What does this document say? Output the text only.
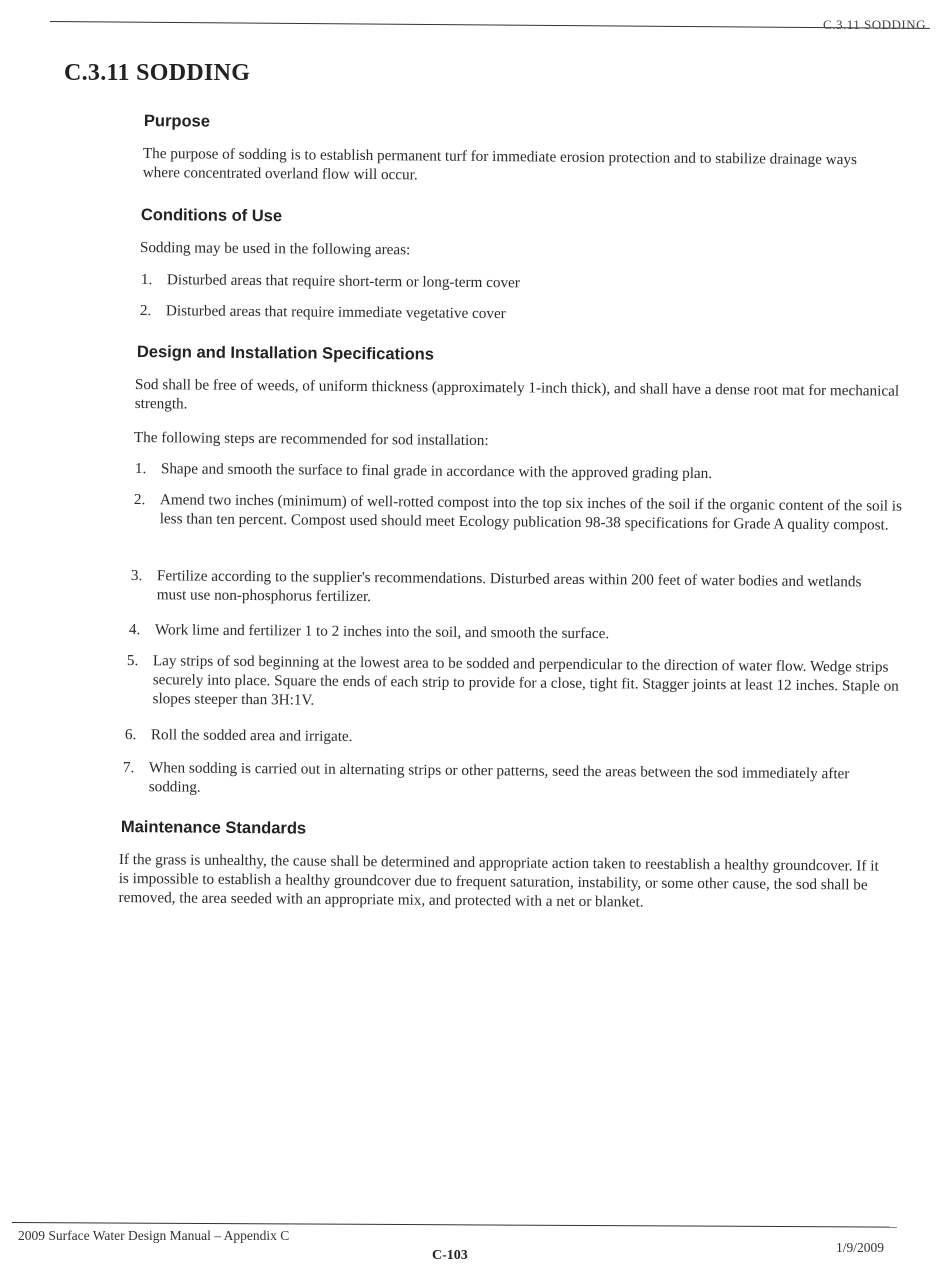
C.3.11 SODDING
C.3.11 SODDING
Purpose

The purpose of sodding is to establish permanent turf for immediate erosion protection and to stabilize drainage ways where concentrated overland flow will occur.

Conditions of Use

Sodding may be used in the following areas:

1. Disturbed areas that require short-term or long-term cover

2. Disturbed areas that require immediate vegetative cover

Design and Installation Specifications

Sod shall be free of weeds, of uniform thickness (approximately 1-inch thick), and shall have a dense root mat for mechanical strength.

The following steps are recommended for sod installation:

1. Shape and smooth the surface to final grade in accordance with the approved grading plan.

2. Amend two inches (minimum) of well-rotted compost into the top six inches of the soil if the organic content of the soil is less than ten percent. Compost used should meet Ecology publication 98-38 specifications for Grade A quality compost.

3. Fertilize according to the supplier's recommendations. Disturbed areas within 200 feet of water bodies and wetlands must use non-phosphorus fertilizer.

4. Work lime and fertilizer 1 to 2 inches into the soil, and smooth the surface.

5. Lay strips of sod beginning at the lowest area to be sodded and perpendicular to the direction of water flow. Wedge strips securely into place. Square the ends of each strip to provide for a close, tight fit. Stagger joints at least 12 inches. Staple on slopes steeper than 3H:1V.

6. Roll the sodded area and irrigate.

7. When sodding is carried out in alternating strips or other patterns, seed the areas between the sod immediately after sodding.

Maintenance Standards

If the grass is unhealthy, the cause shall be determined and appropriate action taken to reestablish a healthy groundcover. If it is impossible to establish a healthy groundcover due to frequent saturation, instability, or some other cause, the sod shall be removed, the area seeded with an appropriate mix, and protected with a net or blanket.

2009 Surface Water Design Manual – Appendix C
C-103
1/9/2009
